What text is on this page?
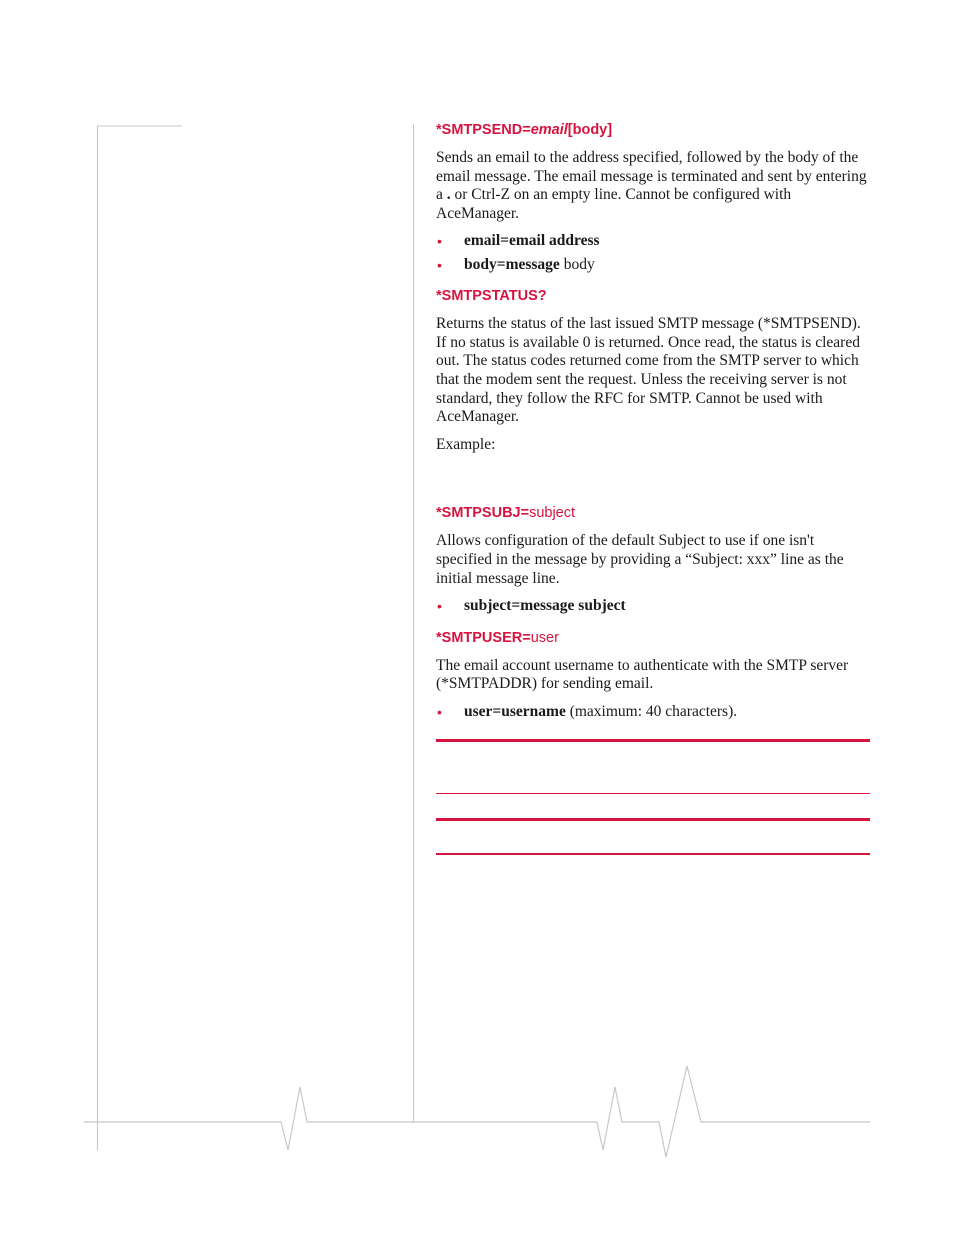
*SMTPSEND=email[body]

Sends an email to the address specified, followed by the body of the email message. The email message is terminated and sent by entering a . or Ctrl-Z on an empty line. Cannot be configured with AceManager.

• email=email address
• body=message body
*SMTPSTATUS?

Returns the status of the last issued SMTP message (*SMTPSEND). If no status is available 0 is returned. Once read, the status is cleared out. The status codes returned come from the SMTP server to which that the modem sent the request. Unless the receiving server is not standard, they follow the RFC for SMTP. Cannot be used with AceManager.

Example:

*SMTPSUBJ=subject

Allows configuration of the default Subject to use if one isn't specified in the message by providing a “Subject: xxx” line as the initial message line.

• subject=message subject
*SMTPUSER=user

The email account username to authenticate with the SMTP server (*SMTPADDR) for sending email.

• user=username (maximum: 40 characters).
